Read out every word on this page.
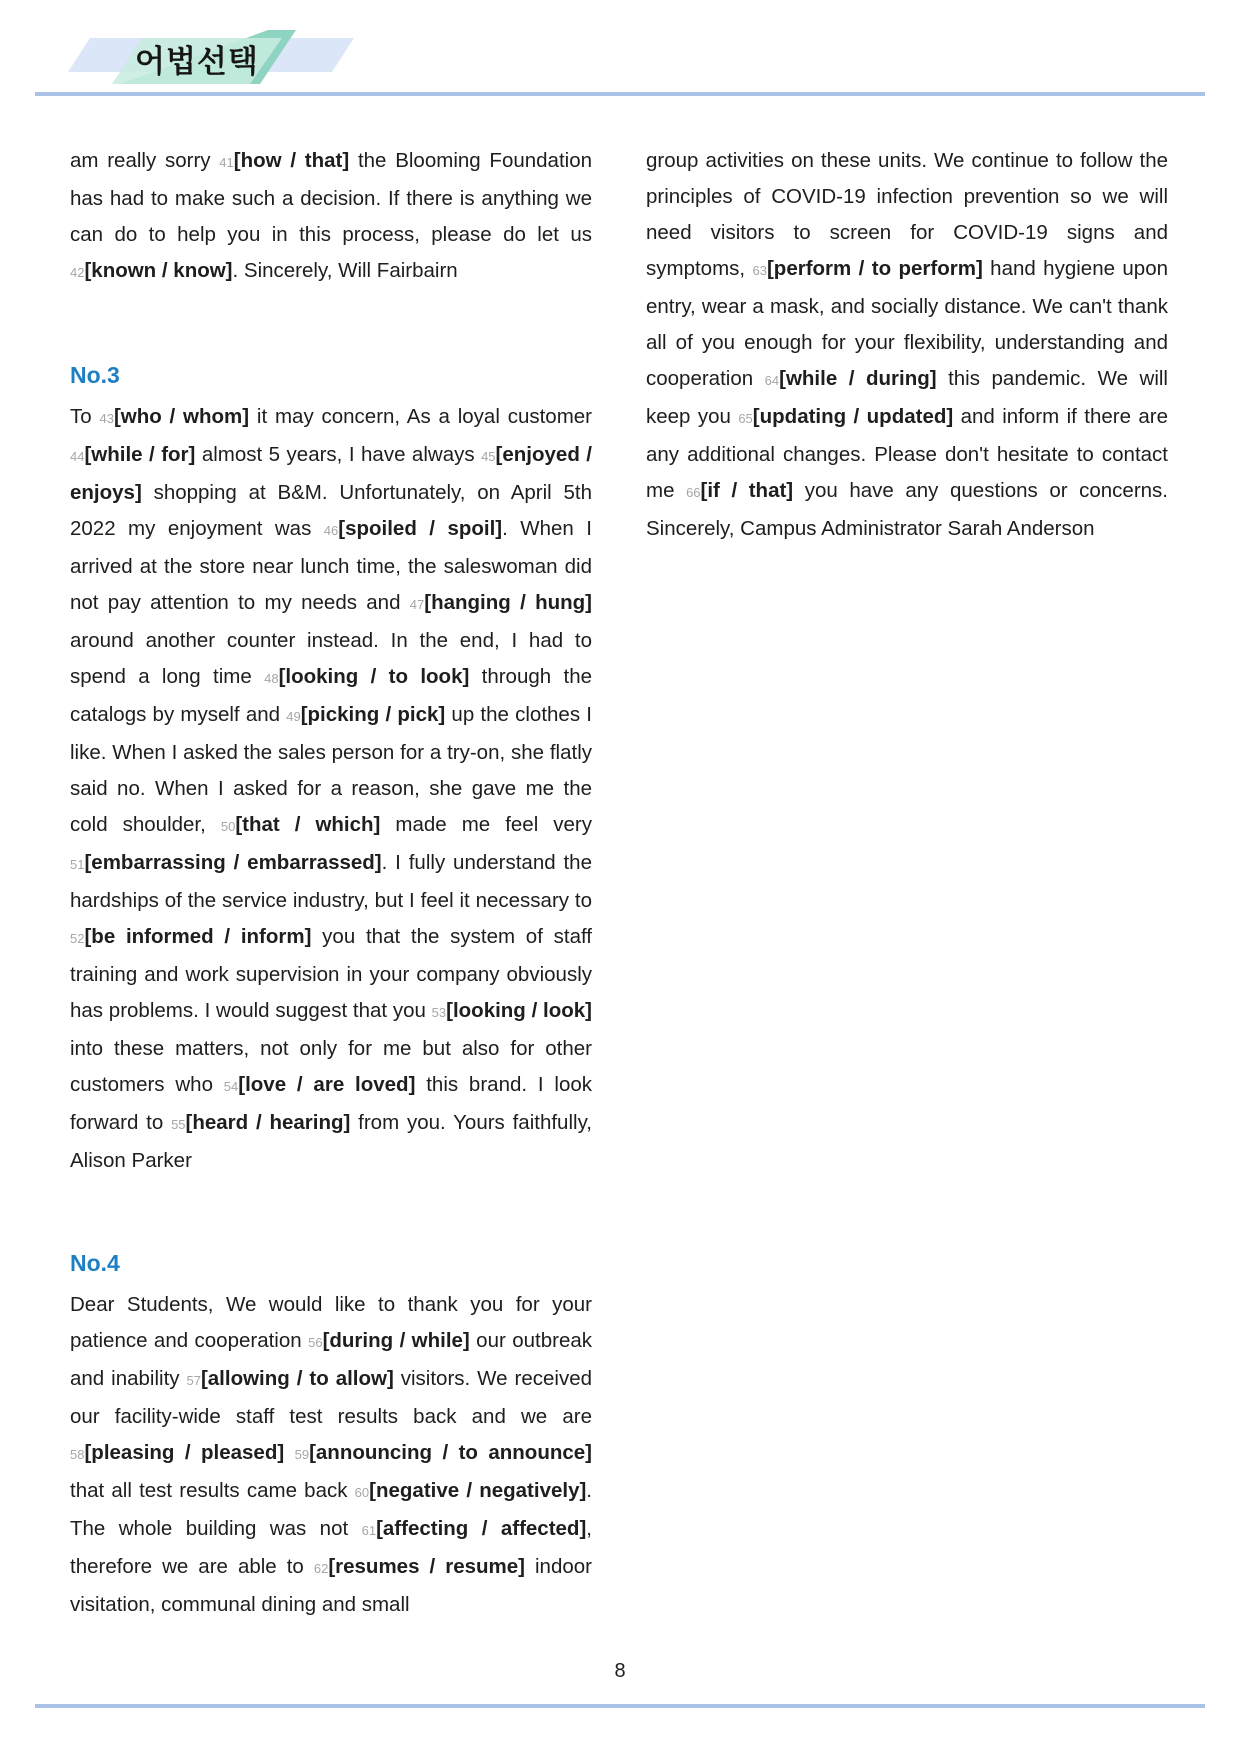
어법선택

am really sorry 41[how / that] the Blooming Foundation has had to make such a decision. If there is anything we can do to help you in this process, please do let us 42[known / know]. Sincerely, Will Fairbairn

No.3

To 43[who / whom] it may concern, As a loyal customer 44[while / for] almost 5 years, I have always 45[enjoyed / enjoys] shopping at B&M. Unfortunately, on April 5th 2022 my enjoyment was 46[spoiled / spoil]. When I arrived at the store near lunch time, the saleswoman did not pay attention to my needs and 47[hanging / hung] around another counter instead. In the end, I had to spend a long time 48[looking / to look] through the catalogs by myself and 49[picking / pick] up the clothes I like. When I asked the sales person for a try-on, she flatly said no. When I asked for a reason, she gave me the cold shoulder, 50[that / which] made me feel very 51[embarrassing / embarrassed]. I fully understand the hardships of the service industry, but I feel it necessary to 52[be informed / inform] you that the system of staff training and work supervision in your company obviously has problems. I would suggest that you 53[looking / look] into these matters, not only for me but also for other customers who 54[love / are loved] this brand. I look forward to 55[heard / hearing] from you. Yours faithfully, Alison Parker

No.4

Dear Students, We would like to thank you for your patience and cooperation 56[during / while] our outbreak and inability 57[allowing / to allow] visitors. We received our facility-wide staff test results back and we are 58[pleasing / pleased] 59[announcing / to announce] that all test results came back 60[negative / negatively]. The whole building was not 61[affecting / affected], therefore we are able to 62[resumes / resume] indoor visitation, communal dining and small

group activities on these units. We continue to follow the principles of COVID-19 infection prevention so we will need visitors to screen for COVID-19 signs and symptoms, 63[perform / to perform] hand hygiene upon entry, wear a mask, and socially distance. We can't thank all of you enough for your flexibility, understanding and cooperation 64[while / during] this pandemic. We will keep you 65[updating / updated] and inform if there are any additional changes. Please don't hesitate to contact me 66[if / that] you have any questions or concerns. Sincerely, Campus Administrator Sarah Anderson

8
